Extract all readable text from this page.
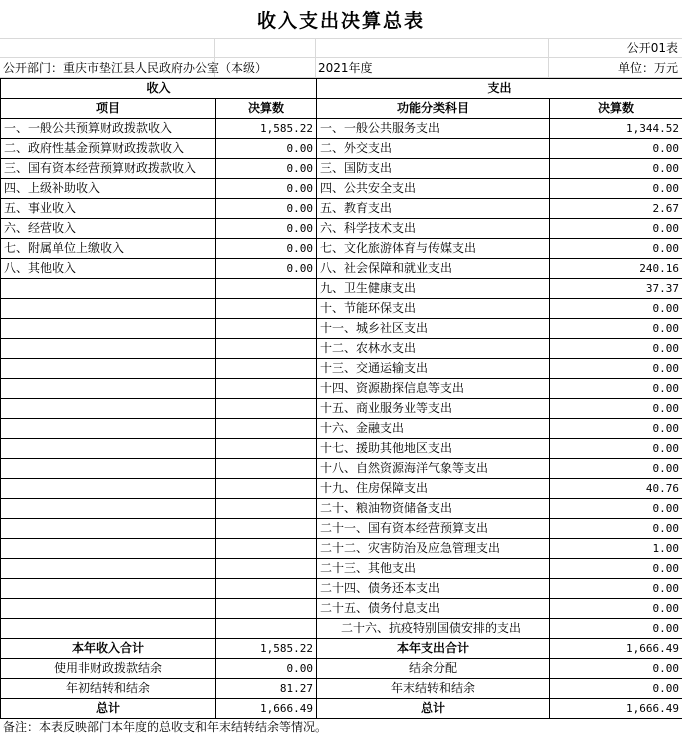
收入支出决算总表
公开01表
公开部门：重庆市垫江县人民政府办公室（本级）	2021年度	单位：万元
收入		支出	
项目	决算数	功能分类科目	决算数
一、一般公共预算财政拨款收入	1,585.22	一、一般公共服务支出	1,344.52
二、政府性基金预算财政拨款收入	0.00	二、外交支出	0.00
三、国有资本经营预算财政拨款收入	0.00	三、国防支出	0.00
四、上级补助收入	0.00	四、公共安全支出	0.00
五、事业收入	0.00	五、教育支出	2.67
六、经营收入	0.00	六、科学技术支出	0.00
七、附属单位上缴收入	0.00	七、文化旅游体育与传媒支出	0.00
八、其他收入	0.00	八、社会保障和就业支出	240.16
		九、卫生健康支出	37.37
		十、节能环保支出	0.00
		十一、城乡社区支出	0.00
		十二、农林水支出	0.00
		十三、交通运输支出	0.00
		十四、资源勘探信息等支出	0.00
		十五、商业服务业等支出	0.00
		十六、金融支出	0.00
		十七、援助其他地区支出	0.00
		十八、自然资源海洋气象等支出	0.00
		十九、住房保障支出	40.76
		二十、粮油物资储备支出	0.00
		二十一、国有资本经营预算支出	0.00
		二十二、灾害防治及应急管理支出	1.00
		二十三、其他支出	0.00
		二十四、债务还本支出	0.00
		二十五、债务付息支出	0.00
		二十六、抗疫特别国债安排的支出	0.00
本年收入合计	1,585.22	本年支出合计	1,666.49
使用非财政拨款结余	0.00	结余分配	0.00
年初结转和结余	81.27	年末结转和结余	0.00
总计	1,666.49	总计	1,666.49
备注：本表反映部门本年度的总收支和年末结转结余等情况。
